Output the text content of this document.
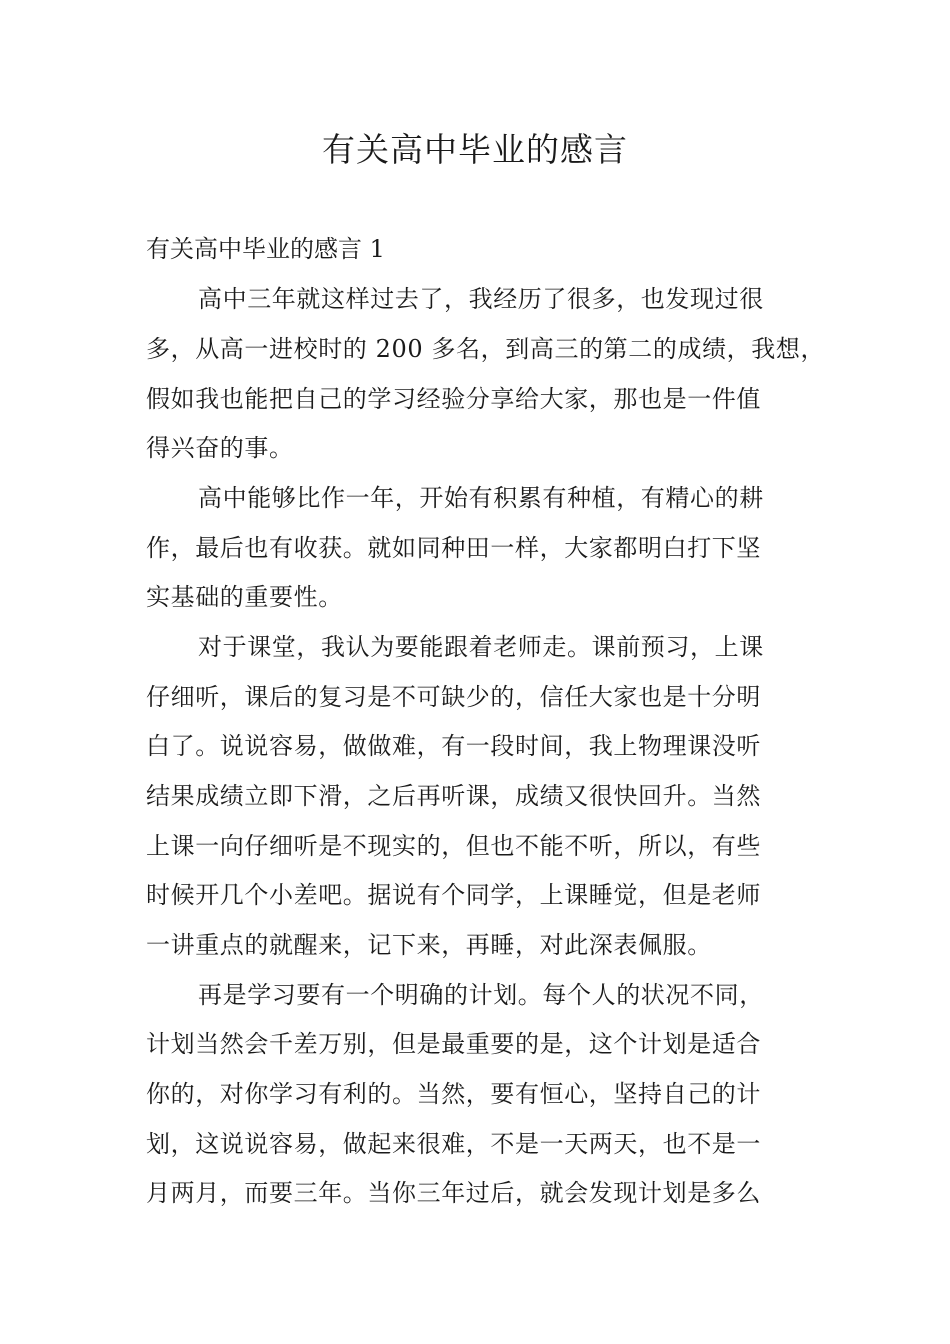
有关高中毕业的感言
有关高中毕业的感言 1

高中三年就这样过去了，我经历了很多，也发现过很

多，从高一进校时的 200 多名，到高三的第二的成绩，我想，

假如我也能把自己的学习经验分享给大家，那也是一件值

得兴奋的事。

高中能够比作一年，开始有积累有种植，有精心的耕

作，最后也有收获。就如同种田一样，大家都明白打下坚

实基础的重要性。

对于课堂，我认为要能跟着老师走。课前预习，上课

仔细听，课后的复习是不可缺少的，信任大家也是十分明

白了。说说容易，做做难，有一段时间，我上物理课没听

结果成绩立即下滑，之后再听课，成绩又很快回升。当然

上课一向仔细听是不现实的，但也不能不听，所以，有些

时候开几个小差吧。据说有个同学，上课睡觉，但是老师

一讲重点的就醒来，记下来，再睡，对此深表佩服。

再是学习要有一个明确的计划。每个人的状况不同，

计划当然会千差万别，但是最重要的是，这个计划是适合

你的，对你学习有利的。当然，要有恒心，坚持自己的计

划，这说说容易，做起来很难，不是一天两天，也不是一

月两月，而要三年。当你三年过后，就会发现计划是多么
